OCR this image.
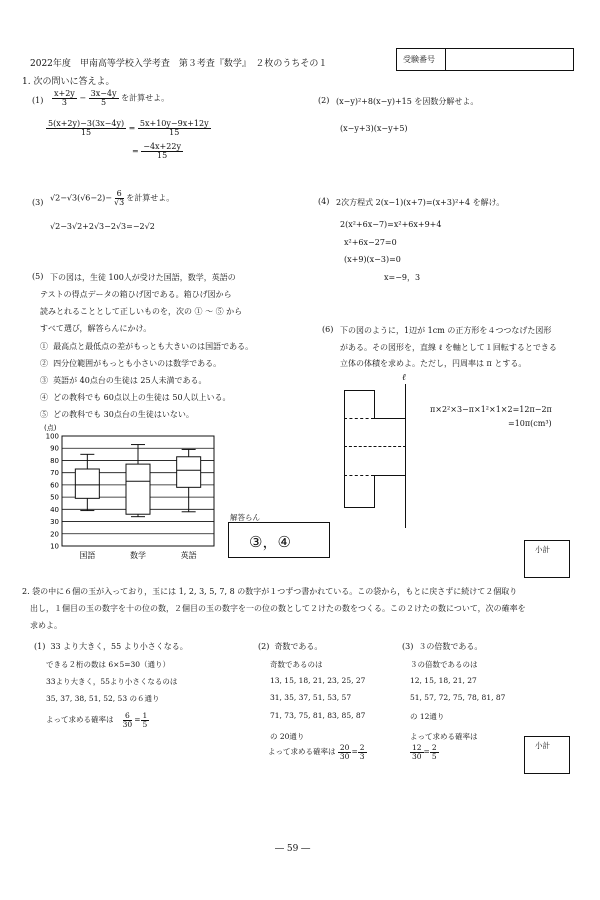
2022年度　甲南高等学校入学考査　第３考査『数学』　２枚のうちその１	受験番号
1. 次の問いに答えよ。
$(1) \frac{x+2y}{3} - \frac{3x-4y}{5}$ を計算せよ。
$\frac{5(x+2y)-3(3x-4y)}{15} = \frac{5x+10y-9x+12y}{15}$
= $\frac{-4x+22y}{15}$
(2) (x−y)²+8(x−y)+15 を因数分解せよ。
(x−y+3)(x−y+5)
(3) $√2-√3(√6-2)- \frac{6}{√3}$ を計算せよ。
√2−3√2+2√3−2√3=−2√2
(4) 2次方程式 2(x−1)(x+7)=(x+3)²+4 を解け。
2(x²+6x−7)=x²+6x+9+4
x²+6x−27=0
(x+9)(x−3)=0
x=−9，3
(5) 下の図は，生徒 100人が受けた国語，数学，英語の
テストの得点データの箱ひげ図である。箱ひげ図から
読みとれることとして正しいものを，次の ① ～ ⑤ から
すべて選び，解答らんにかけ。
① 最高点と最低点の差がもっとも大きいのは国語である。
② 四分位範囲がもっとも小さいのは数学である。
③ 英語が 40点台の生徒は 25人未満である。
④ どの教科でも 60点以上の生徒は 50人以上いる。
⑤ どの教科でも 30点台の生徒はいない。
(点)
10
20
30
40
50
60
70
80
90
100
国語	数学	英語
解答らん
③，④
(6) 下の図のように，1辺が 1cm の正方形を４つつなげた図形
がある。その図形を，直線 ℓ を軸として１回転するとできる
立体の体積を求めよ。ただし，円周率は π とする。
ℓ
π×2²×3−π×1²×1×2=12π−2π
=10π(cm³)
小計
2. 袋の中に６個の玉が入っており，玉には 1, 2, 3, 5, 7, 8 の数字が１つずつ書かれている。この袋から，もとに戻さずに続けて２個取り
出し，１個目の玉の数字を十の位の数，２個目の玉の数字を一の位の数として２けたの数をつくる。この２けたの数について，次の確率を
求めよ。
(1) 33 より大きく，55 より小さくなる。
できる２桁の数は 6×5=30（通り）
33より大きく，55より小さくなるのは
35, 37, 38, 51, 52, 53 の６通り
よって求める確率は $\frac{6}{30} = \frac{1}{5}$
(2) 奇数である。
奇数であるのは
13, 15, 18, 21, 23, 25, 27
31, 35, 37, 51, 53, 57
71, 73, 75, 81, 83, 85, 87
の 20通り
よって求める確率は $\frac{20}{30} = \frac{2}{3}$
(3) ３の倍数である。
３の倍数であるのは
12, 15, 18, 21, 27
51, 57, 72, 75, 78, 81, 87
の 12通り
よって求める確率は
$\frac{12}{30} = \frac{2}{5}$	小計
― 59 ―
